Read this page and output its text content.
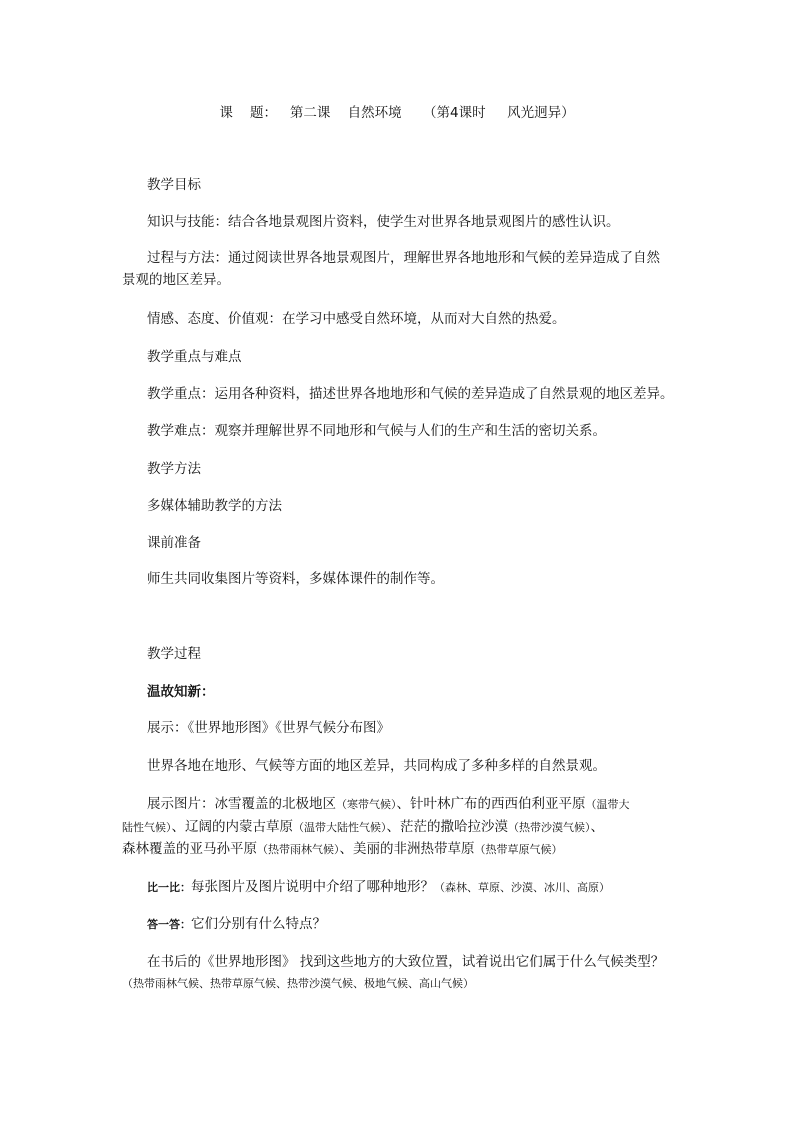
课    题：   第二课    自然环境     （第4课时     风光迥异）
教学目标
知识与技能：结合各地景观图片资料，使学生对世界各地景观图片的感性认识。
过程与方法：通过阅读世界各地景观图片，理解世界各地地形和气候的差异造成了自然
景观的地区差异。
情感、态度、价值观：在学习中感受自然环境，从而对大自然的热爱。
教学重点与难点
教学重点：运用各种资料，描述世界各地地形和气候的差异造成了自然景观的地区差异。
教学难点：观察并理解世界不同地形和气候与人们的生产和生活的密切关系。
教学方法
多媒体辅助教学的方法
课前准备
师生共同收集图片等资料，多媒体课件的制作等。
教学过程
温故知新：
展示：《世界地形图》《世界气候分布图》
世界各地在地形、气候等方面的地区差异，共同构成了多种多样的自然景观。
展示图片：冰雪覆盖的北极地区（寒带气候）、针叶林广布的西西伯利亚平原（温带大
陆性气候）、辽阔的内蒙古草原（温带大陆性气候）、茫茫的撒哈拉沙漠（热带沙漠气候）、
森林覆盖的亚马孙平原（热带雨林气候）、美丽的非洲热带草原（热带草原气候）
比一比：每张图片及图片说明中介绍了哪种地形？（森林、草原、沙漠、冰川、高原）
答一答：它们分别有什么特点？
在书后的《世界地形图》 找到这些地方的大致位置，试着说出它们属于什么气候类型？
（热带雨林气候、热带草原气候、热带沙漠气候、极地气候、高山气候）
